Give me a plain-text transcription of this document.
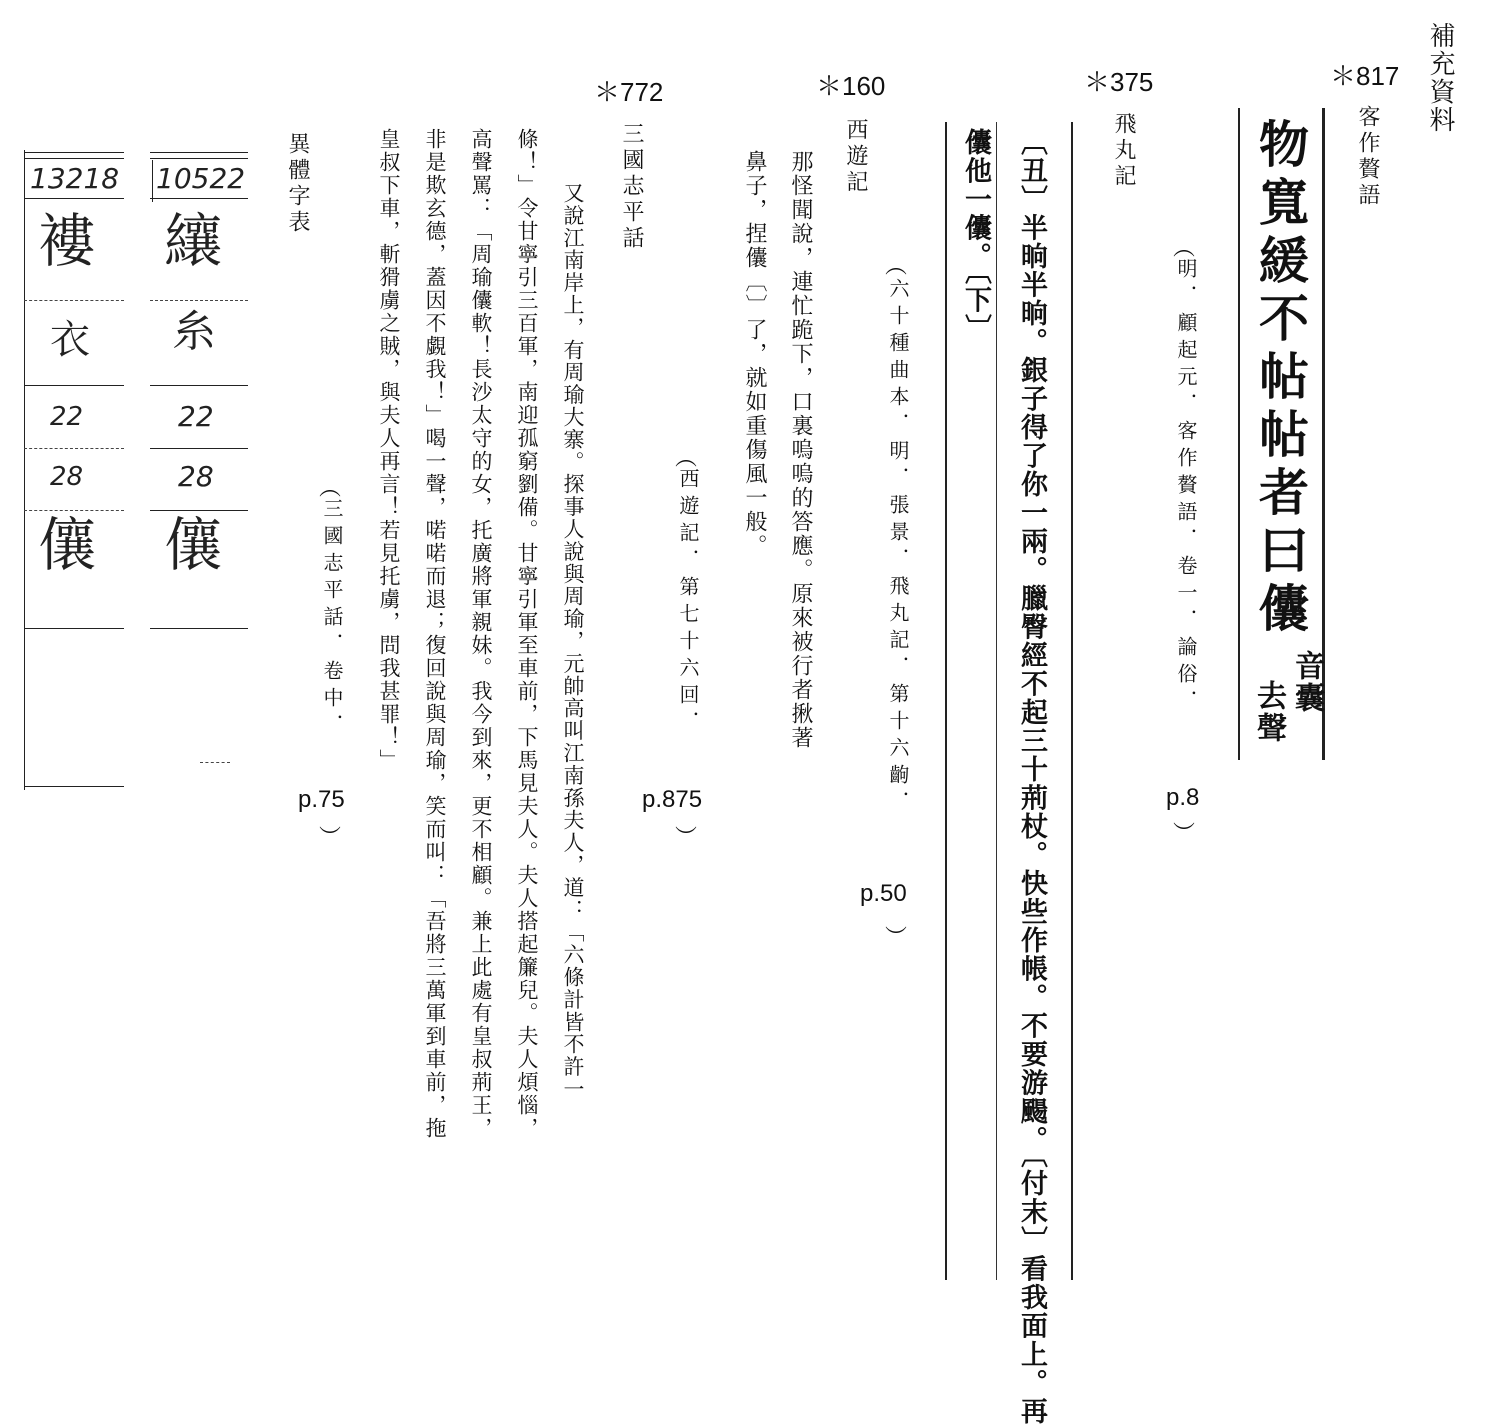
補充資料
＊817
客作贅語
物寬緩不帖帖者曰儾
音囊
去聲
︵
明．顧起元．客作贅語．卷一．論俗．
p.8
︶
＊375
飛丸記
〔丑〕半晌半晌。銀子得了你一兩。臘臀經不起三十荊杖。快些作帳。不要游颺。〔付末〕看我面上。再
儾他一儾。〔下〕
︵
六十種曲本．明．張景．飛丸記．第十六齣．
p.50
︶
＊160
西遊記
那怪聞說，連忙跪下，口裏嗚嗚的答應。原來被行者揪著
鼻子，捏儾〔〕了，就如重傷風一般。
︵
西遊記．第七十六回．
p.875
︶
＊772
三國志平話
又說江南岸上，有周瑜大寨。探事人說與周瑜，元帥高叫江南孫夫人，道：「六條計皆不許一
條！」令甘寧引三百軍，南迎孤窮劉備。甘寧引軍至車前，下馬見夫人。夫人搭起簾兒。夫人煩惱，
高聲罵：「周瑜儾軟！長沙太守的女，托廣將軍親妹。我今到來，更不相顧。兼上此處有皇叔荊王，
非是欺玄德，蓋因不覷我！」喝一聲，喏喏而退；復回說與周瑜，笑而叫：「吾將三萬軍到車前，拖
皇叔下車，斬猾虜之賊，與夫人再言！若見托虜，問我甚罪！」
︵
三國志平話．卷中．
p.75
︶
異體字表
10522
纕
糸
22
28
儴
13218
褸
衣
22
28
儴
